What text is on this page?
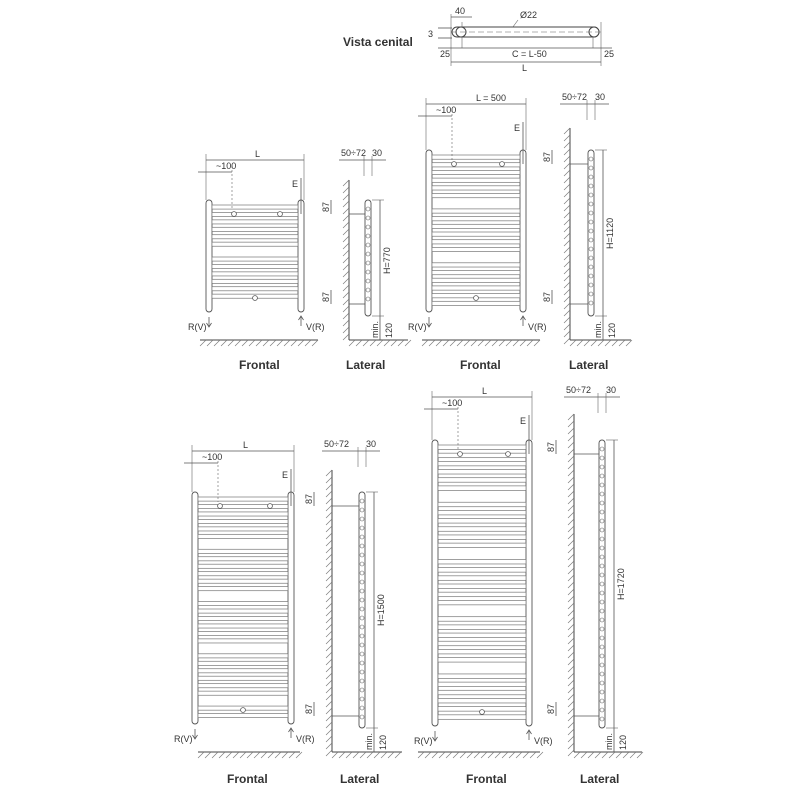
Vista cenital
40	Ø22
3
25	C = L-50	25
L
L
~100
E
R(V)	V(R)
Frontal
50÷72 30
87
87
H=770
min. 120
Lateral
L = 500
~100
E
R(V)	V(R)
Frontal
50÷72 30
87
87
H=1120
min. 120
Lateral
L
~100
E
R(V)	V(R)
Frontal
50÷72 30
87
87
H=1500
min. 120
Lateral
L
~100
E
R(V)	V(R)
Frontal
50÷72 30
87
87
H=1720
min. 120
Lateral
